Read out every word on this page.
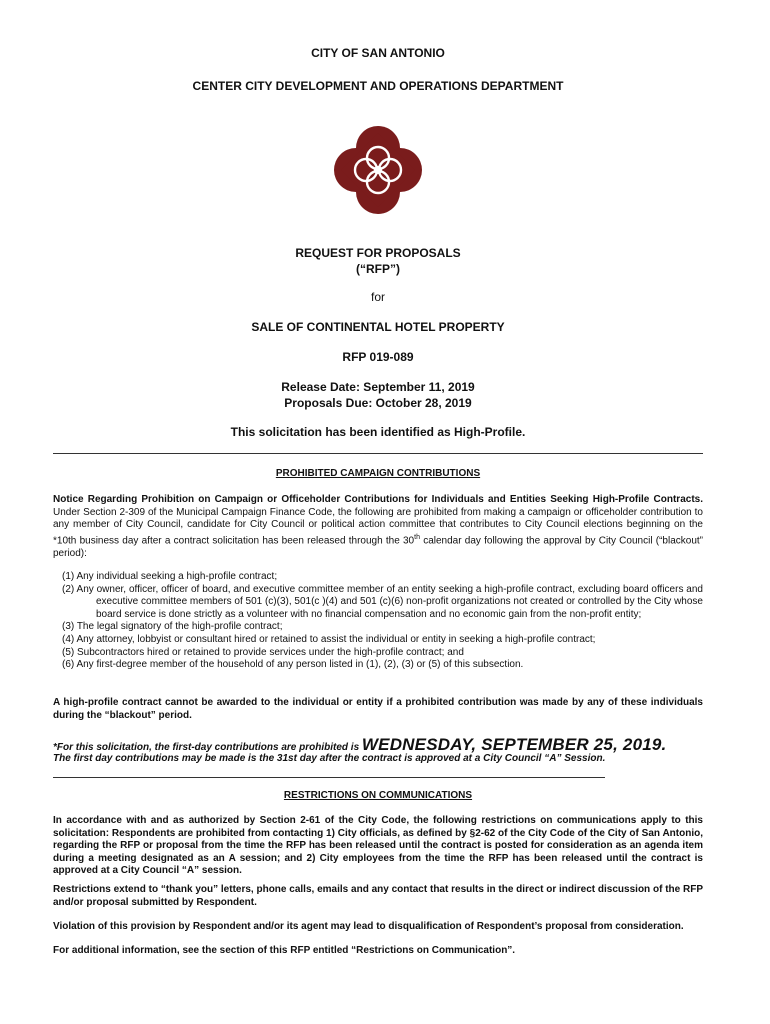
CITY OF SAN ANTONIO
CENTER CITY DEVELOPMENT AND OPERATIONS DEPARTMENT
REQUEST FOR PROPOSALS
(“RFP”)
for
SALE OF CONTINENTAL HOTEL PROPERTY
RFP 019-089
Release Date: September 11, 2019
Proposals Due: October 28, 2019
This solicitation has been identified as High-Profile.
PROHIBITED CAMPAIGN CONTRIBUTIONS
Notice Regarding Prohibition on Campaign or Officeholder Contributions for Individuals and Entities Seeking High-Profile Contracts. Under Section 2-309 of the Municipal Campaign Finance Code, the following are prohibited from making a campaign or officeholder contribution to any member of City Council, candidate for City Council or political action committee that contributes to City Council elections beginning on the *10th business day after a contract solicitation has been released through the 30th calendar day following the approval by City Council (“blackout” period):
(1) Any individual seeking a high-profile contract;
(2) Any owner, officer, officer of board, and executive committee member of an entity seeking a high-profile contract, excluding board officers and executive committee members of 501 (c)(3), 501(c )(4) and 501 (c)(6) non-profit organizations not created or controlled by the City whose board service is done strictly as a volunteer with no financial compensation and no economic gain from the non-profit entity;
(3) The legal signatory of the high-profile contract;
(4) Any attorney, lobbyist or consultant hired or retained to assist the individual or entity in seeking a high-profile contract;
(5) Subcontractors hired or retained to provide services under the high-profile contract; and
(6) Any first-degree member of the household of any person listed in (1), (2), (3) or (5) of this subsection.
A high-profile contract cannot be awarded to the individual or entity if a prohibited contribution was made by any of these individuals during the “blackout” period.
*For this solicitation, the first-day contributions are prohibited is WEDNESDAY, SEPTEMBER 25, 2019.
The first day contributions may be made is the 31st day after the contract is approved at a City Council “A” Session.
RESTRICTIONS ON COMMUNICATIONS
In accordance with and as authorized by Section 2-61 of the City Code, the following restrictions on communications apply to this solicitation: Respondents are prohibited from contacting 1) City officials, as defined by §2-62 of the City Code of the City of San Antonio, regarding the RFP or proposal from the time the RFP has been released until the contract is posted for consideration as an agenda item during a meeting designated as an A session; and 2) City employees from the time the RFP has been released until the contract is approved at a City Council “A” session.
Restrictions extend to “thank you” letters, phone calls, emails and any contact that results in the direct or indirect discussion of the RFP and/or proposal submitted by Respondent.
Violation of this provision by Respondent and/or its agent may lead to disqualification of Respondent’s proposal from consideration.
For additional information, see the section of this RFP entitled “Restrictions on Communication”.
